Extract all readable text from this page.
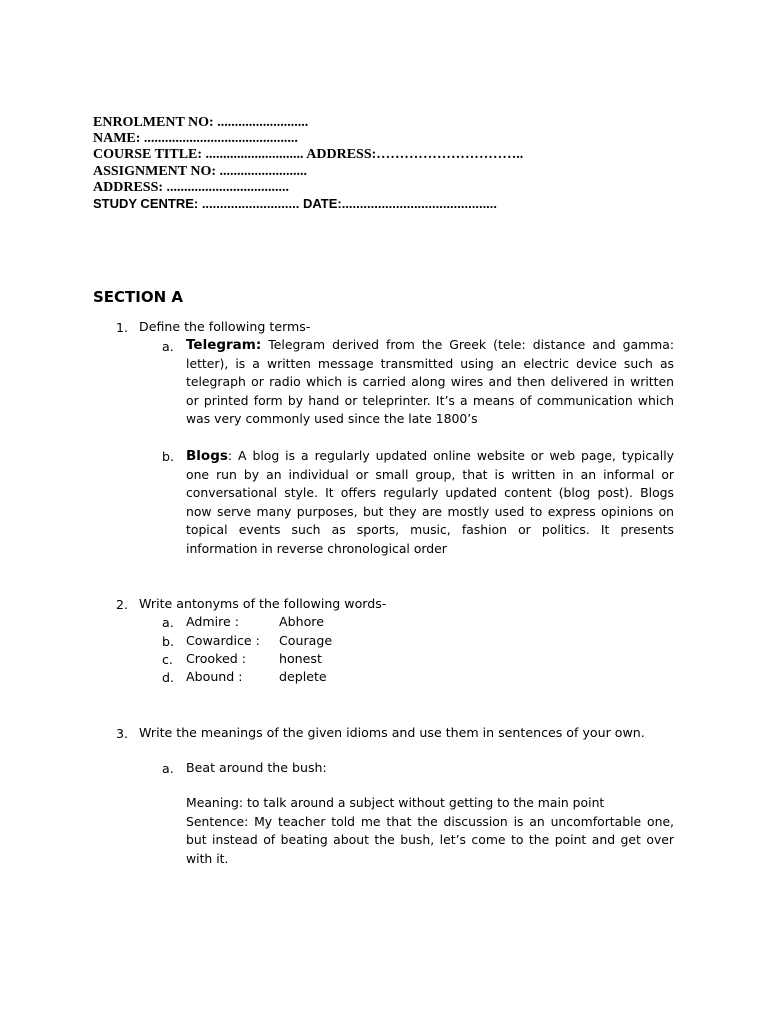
ENROLMENT NO: ..........................
NAME: ............................................
COURSE TITLE: ............................ ADDRESS:…………………………..
ASSIGNMENT NO: .........................
ADDRESS: ...................................
STUDY CENTRE: ........................... DATE:...........................................
SECTION A
1. Define the following terms-
a. Telegram: Telegram derived from the Greek (tele: distance and gamma: letter), is a written message transmitted using an electric device such as telegraph or radio which is carried along wires and then delivered in written or printed form by hand or teleprinter. It’s a means of communication which was very commonly used since the late 1800’s
b. Blogs: A blog is a regularly updated online website or web page, typically one run by an individual or small group, that is written in an informal or conversational style. It offers regularly updated content (blog post). Blogs now serve many purposes, but they are mostly used to express opinions on topical events such as sports, music, fashion or politics. It presents information in reverse chronological order
2. Write antonyms of the following words-
a. Admire :	Abhore
b. Cowardice : Courage
c. Crooked :	honest
d. Abound :	deplete
3. Write the meanings of the given idioms and use them in sentences of your own.
a. Beat around the bush:
Meaning: to talk around a subject without getting to the main point
Sentence: My teacher told me that the discussion is an uncomfortable one, but instead of beating about the bush, let’s come to the point and get over with it.
